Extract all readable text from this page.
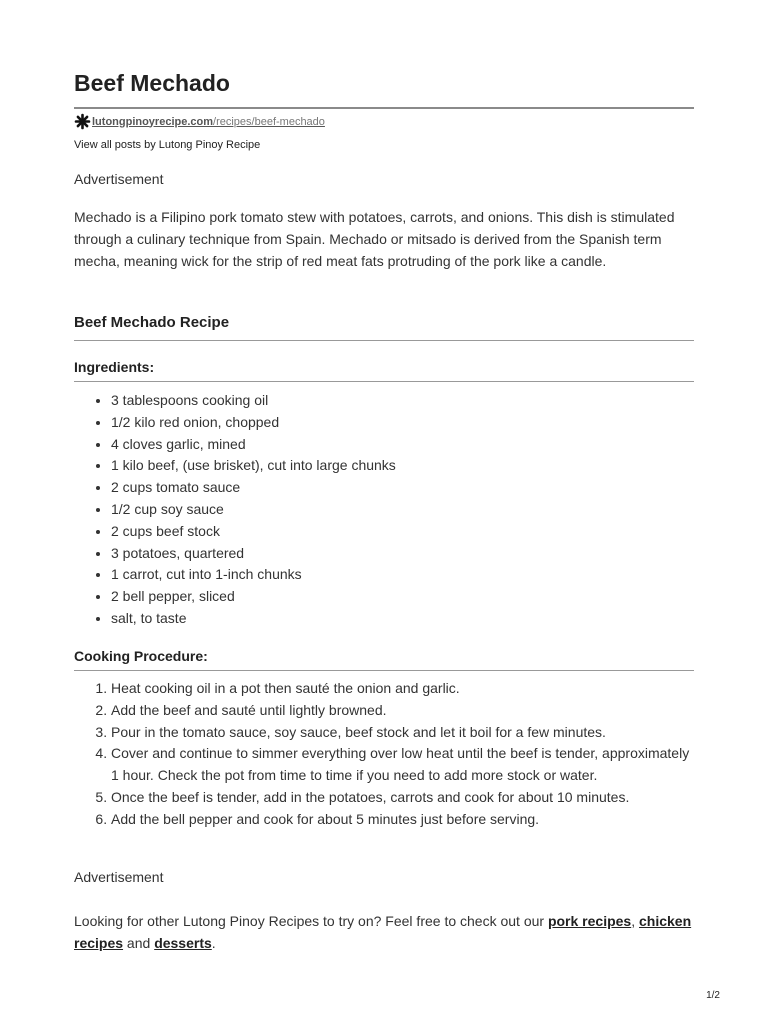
Beef Mechado
lutongpinoyrecipe.com/recipes/beef-mechado
View all posts by Lutong Pinoy Recipe
Advertisement

Mechado is a Filipino pork tomato stew with potatoes, carrots, and onions. This dish is stimulated through a culinary technique from Spain. Mechado or mitsado is derived from the Spanish term mecha, meaning wick for the strip of red meat fats protruding of the pork like a candle.

Beef Mechado Recipe
Ingredients:
• 3 tablespoons cooking oil
• 1/2 kilo red onion, chopped
• 4 cloves garlic, mined
• 1 kilo beef, (use brisket), cut into large chunks
• 2 cups tomato sauce
• 1/2 cup soy sauce
• 2 cups beef stock
• 3 potatoes, quartered
• 1 carrot, cut into 1-inch chunks
• 2 bell pepper, sliced
• salt, to taste
Cooking Procedure:
1. Heat cooking oil in a pot then sauté the onion and garlic.
2. Add the beef and sauté until lightly browned.
3. Pour in the tomato sauce, soy sauce, beef stock and let it boil for a few minutes.
4. Cover and continue to simmer everything over low heat until the beef is tender, approximately 1 hour. Check the pot from time to time if you need to add more stock or water.
5. Once the beef is tender, add in the potatoes, carrots and cook for about 10 minutes.
6. Add the bell pepper and cook for about 5 minutes just before serving.
Advertisement

Looking for other Lutong Pinoy Recipes to try on? Feel free to check out our pork recipes, chicken recipes and desserts.

1/2
